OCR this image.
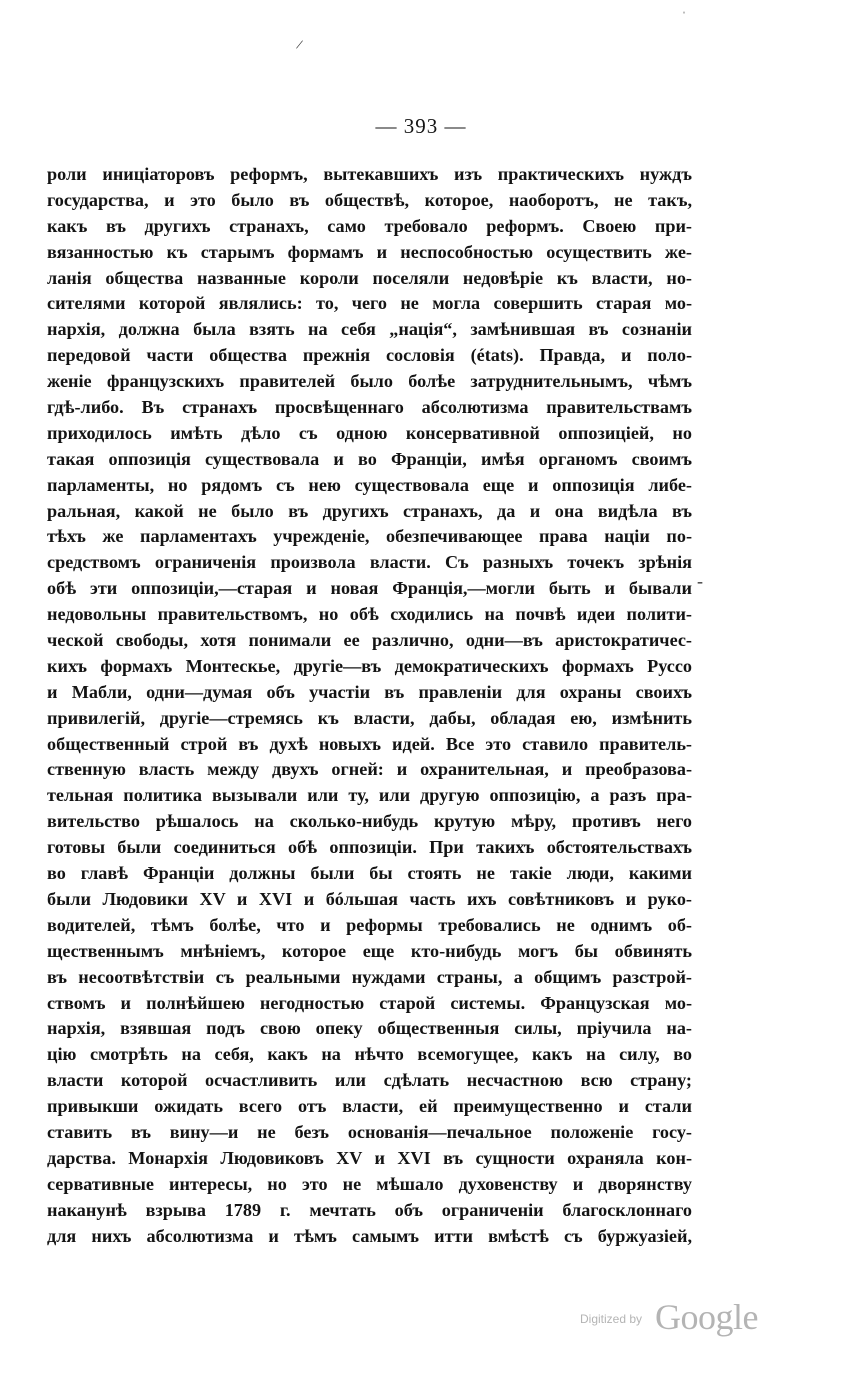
/
ˌ
— 393 —
роли иниціаторовъ реформъ, вытекавшихъ изъ практическихъ нуждъ
государства, и это было въ обществѣ, которое, наоборотъ, не такъ,
какъ въ другихъ странахъ, само требовало реформъ. Своею при-
вязанностью къ старымъ формамъ и неспособностью осуществить же-
ланія общества названные короли поселяли недовѣріе къ власти, но-
сителями которой являлись: то, чего не могла совершить старая мо-
нархія, должна была взять на себя „нація“, замѣнившая въ сознаніи
передовой части общества прежнія сословія (états). Правда, и поло-
женіе французскихъ правителей было болѣе затруднительнымъ, чѣмъ
гдѣ-либо. Въ странахъ просвѣщеннаго абсолютизма правительствамъ
приходилось имѣть дѣло съ одною консервативной оппозиціей, но
такая оппозиція существовала и во Франціи, имѣя органомъ своимъ
парламенты, но рядомъ съ нею существовала еще и оппозиція либе-
ральная, какой не было въ другихъ странахъ, да и она видѣла въ
тѣхъ же парламентахъ учрежденіе, обезпечивающее права націи по-
средствомъ ограниченія произвола власти. Съ разныхъ точекъ зрѣнія
обѣ эти оппозиціи,—старая и новая Франція,—могли быть и бывали
недовольны правительствомъ, но обѣ сходились на почвѣ идеи полити-
ческой свободы, хотя понимали ее различно, одни—въ аристократичес-
кихъ формахъ Монтескье, другіе—въ демократическихъ формахъ Руссо
и Мабли, одни—думая объ участіи въ правленіи для охраны своихъ
привилегій, другіе—стремясь къ власти, дабы, обладая ею, измѣнить
общественный строй въ духѣ новыхъ идей. Все это ставило правитель-
ственную власть между двухъ огней: и охранительная, и преобразова-
тельная политика вызывали или ту, или другую оппозицію, а разъ пра-
вительство рѣшалось на сколько-нибудь крутую мѣру, противъ него
готовы были соединиться обѣ оппозиціи. При такихъ обстоятельствахъ
во главѣ Франціи должны были бы стоять не такіе люди, какими
были Людовики XV и XVI и бóльшая часть ихъ совѣтниковъ и руко-
водителей, тѣмъ болѣе, что и реформы требовались не однимъ об-
щественнымъ мнѣніемъ, которое еще кто-нибудь могъ бы обвинять
въ несоотвѣтствіи съ реальными нуждами страны, а общимъ разстрой-
ствомъ и полнѣйшею негодностью старой системы. Французская мо-
нархія, взявшая подъ свою опеку общественныя силы, пріучила на-
цію смотрѣть на себя, какъ на нѣчто всемогущее, какъ на силу, во
власти которой осчастливить или сдѣлать несчастною всю страну;
привыкши ожидать всего отъ власти, ей преимущественно и стали
ставить въ вину—и не безъ основанія—печальное положеніе госу-
дарства. Монархія Людовиковъ XV и XVI въ сущности охраняла кон-
сервативные интересы, но это не мѣшало духовенству и дворянству
наканунѣ взрыва 1789 г. мечтать объ ограниченіи благосклоннаго
для нихъ абсолютизма и тѣмъ самымъ итти вмѣстѣ съ буржуазіей,
-
Digitized by Google
